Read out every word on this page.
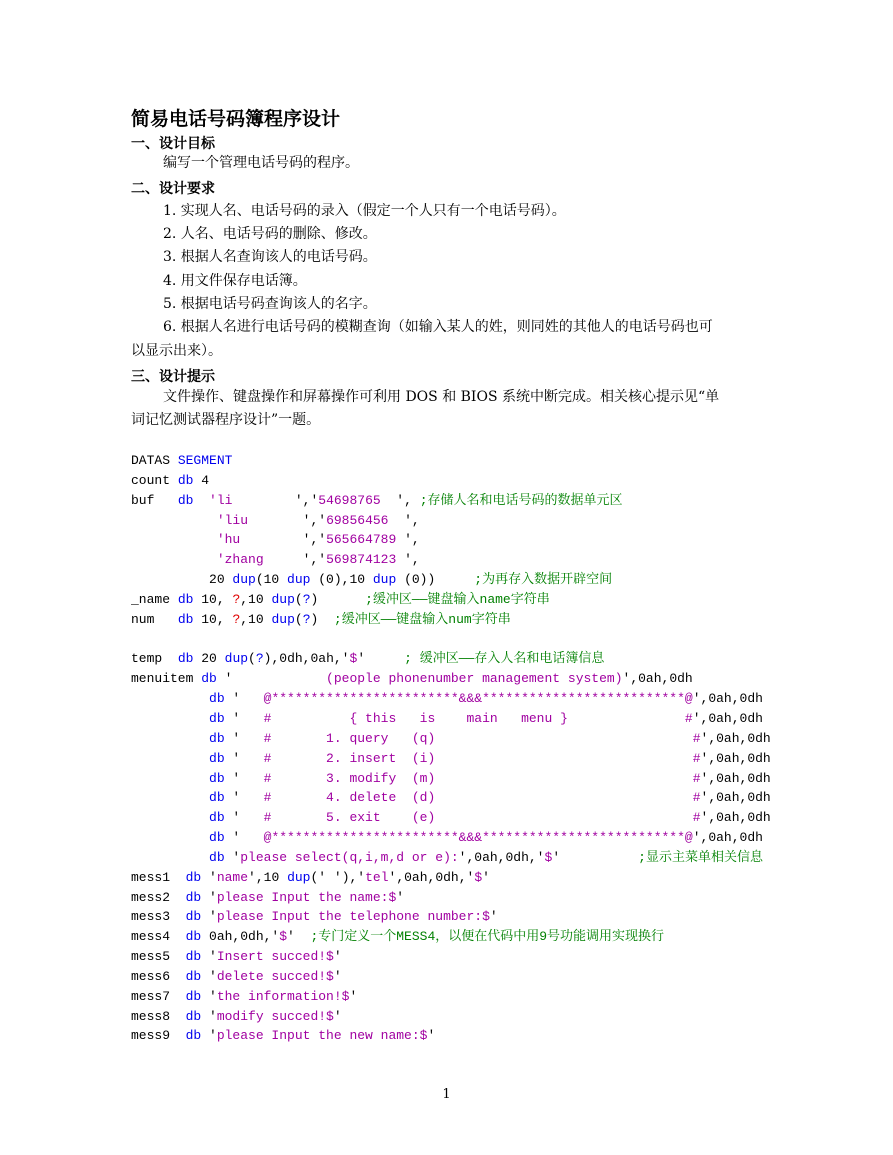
简易电话号码簿程序设计
一、设计目标
编写一个管理电话号码的程序。
二、设计要求
1. 实现人名、电话号码的录入（假定一个人只有一个电话号码）。
2. 人名、电话号码的删除、修改。
3. 根据人名查询该人的电话号码。
4. 用文件保存电话簿。
5. 根据电话号码查询该人的名字。
6. 根据人名进行电话号码的模糊查询（如输入某人的姓，则同姓的其他人的电话号码也可
以显示出来）。
三、设计提示
文件操作、键盘操作和屏幕操作可利用 DOS 和 BIOS 系统中断完成。相关核心提示见“单
词记忆测试器程序设计”一题。
DATAS SEGMENT
count db 4
buf   db 'li        ','54698765  ', ;存储人名和电话号码的数据单元区
'liu       ','69856456  ',
'hu        ','565664789 ',
'zhang     ','569874123 ',
20 dup(10 dup (0),10 dup (0))     ;为再存入数据开辟空间
_name db 10, ?,10 dup(?)      ;缓冲区——键盘输入name字符串
num   db 10, ?,10 dup(?)  ;缓冲区——键盘输入num字符串
temp  db 20 dup(?),0dh,0ah,'$'     ; 缓冲区——存入人名和电话簿信息
menuitem db '            (people phonenumber management system)',0ah,0dh
db '   @************************&&&**************************@',0ah,0dh
db '   #          { this   is    main   menu }               #',0ah,0dh
db '   #       1. query   (q)                                 #',0ah,0dh
db '   #       2. insert  (i)                                 #',0ah,0dh
db '   #       3. modify  (m)                                 #',0ah,0dh
db '   #       4. delete  (d)                                 #',0ah,0dh
db '   #       5. exit    (e)                                 #',0ah,0dh
db '   @************************&&&**************************@',0ah,0dh
db 'please select(q,i,m,d or e):',0ah,0dh,'$'          ;显示主菜单相关信息
mess1  db 'name',10 dup(' '),'tel',0ah,0dh,'$'
mess2  db 'please Input the name:$'
mess3  db 'please Input the telephone number:$'
mess4  db 0ah,0dh,'$'  ;专门定义一个MESS4，以便在代码中用9号功能调用实现换行
mess5  db 'Insert succed!$'
mess6  db 'delete succed!$'
mess7  db 'the information!$'
mess8  db 'modify succed!$'
mess9  db 'please Input the new name:$'
1
